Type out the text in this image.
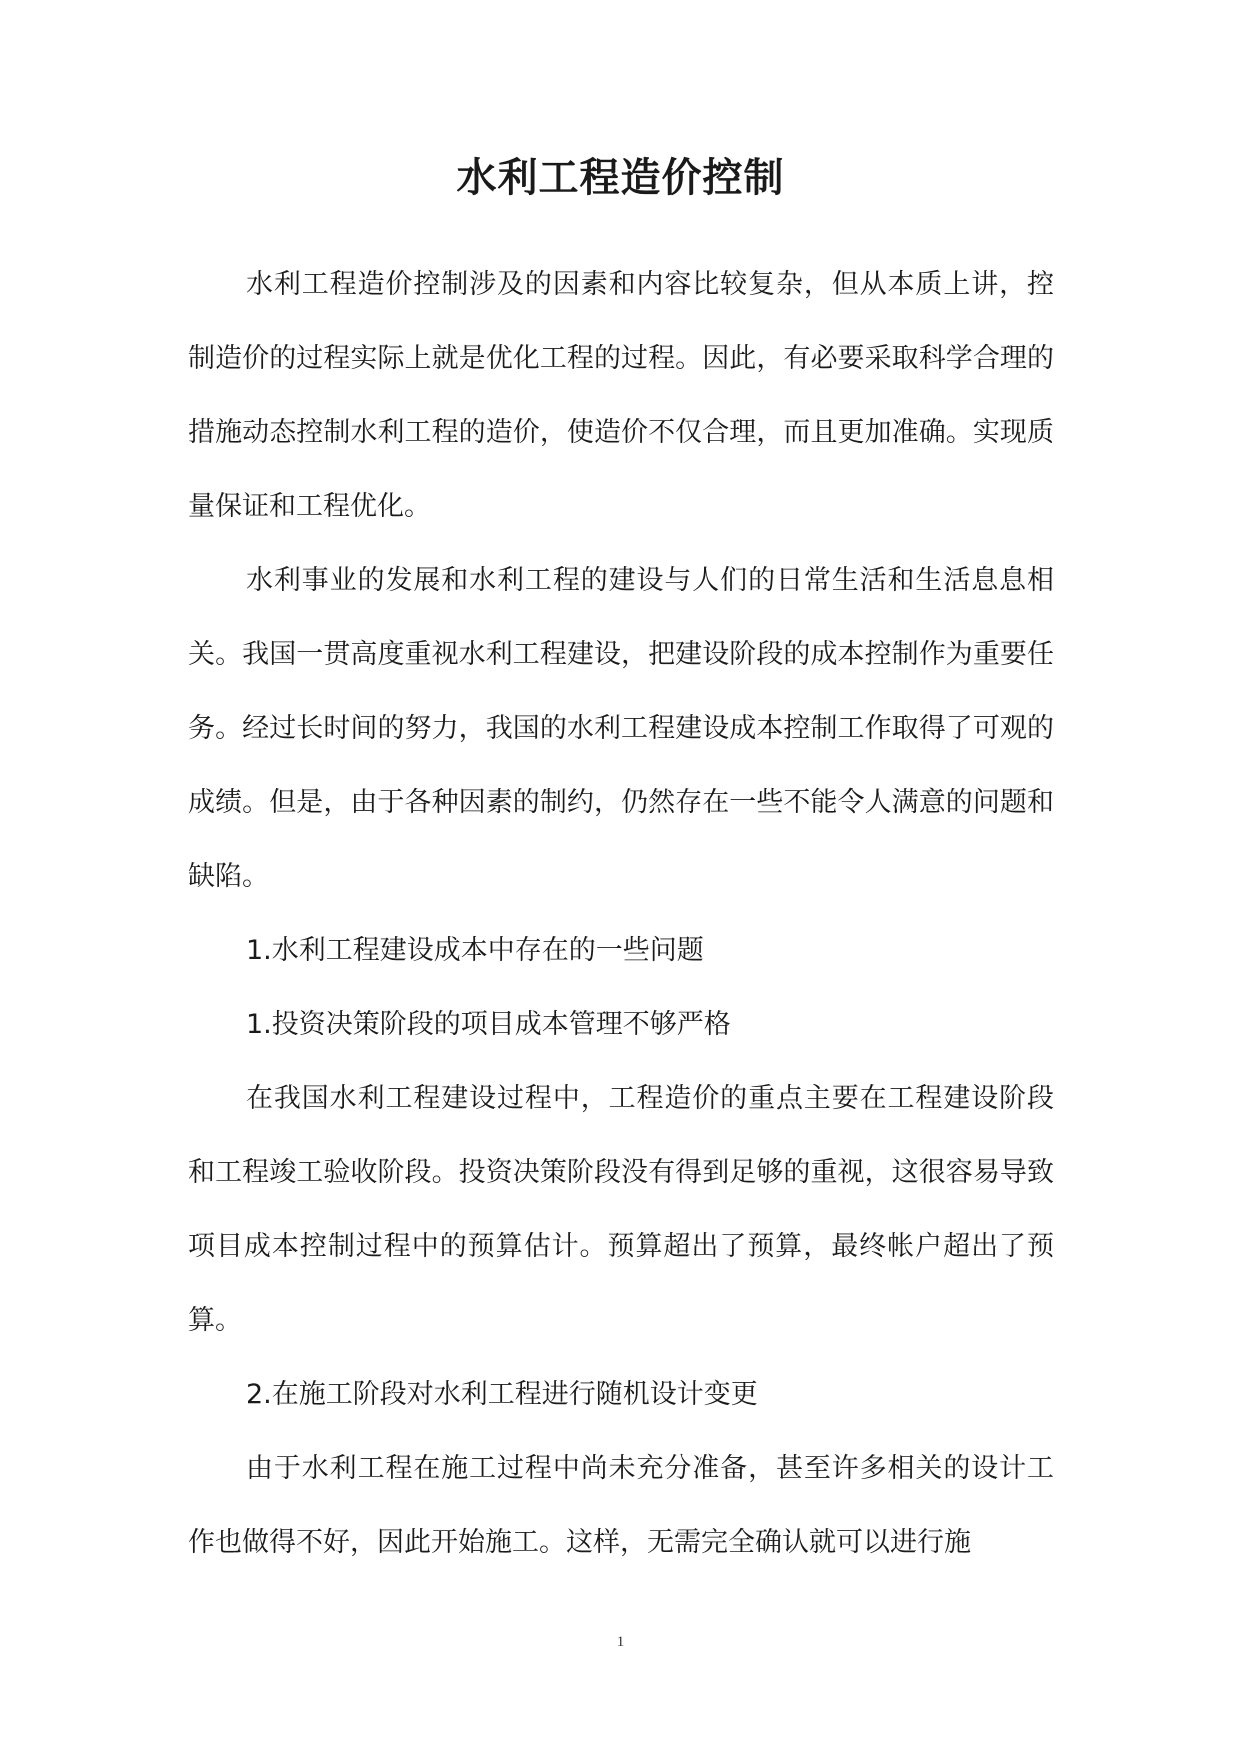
水利工程造价控制

水利工程造价控制涉及的因素和内容比较复杂，但从本质上讲，控制造价的过程实际上就是优化工程的过程。因此，有必要采取科学合理的措施动态控制水利工程的造价，使造价不仅合理，而且更加准确。实现质量保证和工程优化。

水利事业的发展和水利工程的建设与人们的日常生活和生活息息相关。我国一贯高度重视水利工程建设，把建设阶段的成本控制作为重要任务。经过长时间的努力，我国的水利工程建设成本控制工作取得了可观的成绩。但是，由于各种因素的制约，仍然存在一些不能令人满意的问题和缺陷。

1.水利工程建设成本中存在的一些问题

1.投资决策阶段的项目成本管理不够严格

在我国水利工程建设过程中，工程造价的重点主要在工程建设阶段和工程竣工验收阶段。投资决策阶段没有得到足够的重视，这很容易导致项目成本控制过程中的预算估计。预算超出了预算，最终帐户超出了预算。

2.在施工阶段对水利工程进行随机设计变更

由于水利工程在施工过程中尚未充分准备，甚至许多相关的设计工作也做得不好，因此开始施工。这样，无需完全确认就可以进行施

1
